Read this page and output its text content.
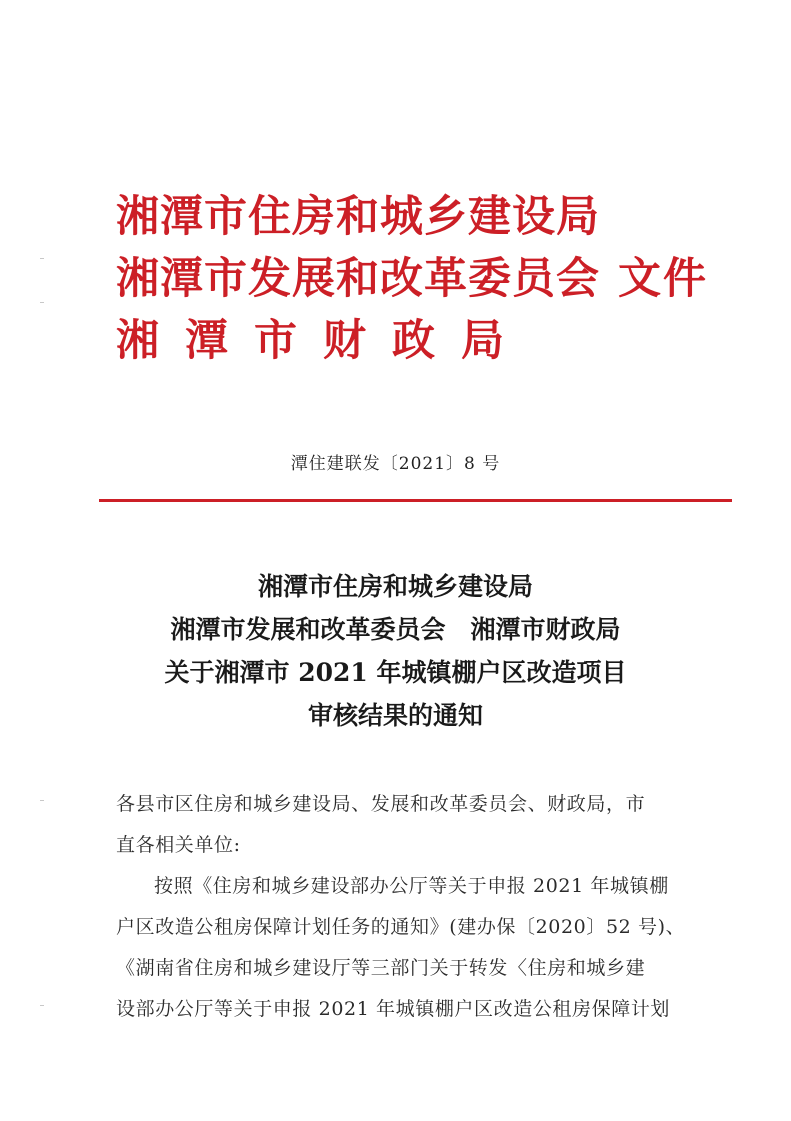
湘潭市住房和城乡建设局
湘潭市发展和改革委员会 文件
湘潭市财政局
潭住建联发〔2021〕8 号
湘潭市住房和城乡建设局
湘潭市发展和改革委员会　湘潭市财政局
关于湘潭市 2021 年城镇棚户区改造项目
审核结果的通知
各县市区住房和城乡建设局、发展和改革委员会、财政局，市
直各相关单位:
按照《住房和城乡建设部办公厅等关于申报 2021 年城镇棚
户区改造公租房保障计划任务的通知》(建办保〔2020〕52 号)、
《湖南省住房和城乡建设厅等三部门关于转发〈住房和城乡建
设部办公厅等关于申报 2021 年城镇棚户区改造公租房保障计划
